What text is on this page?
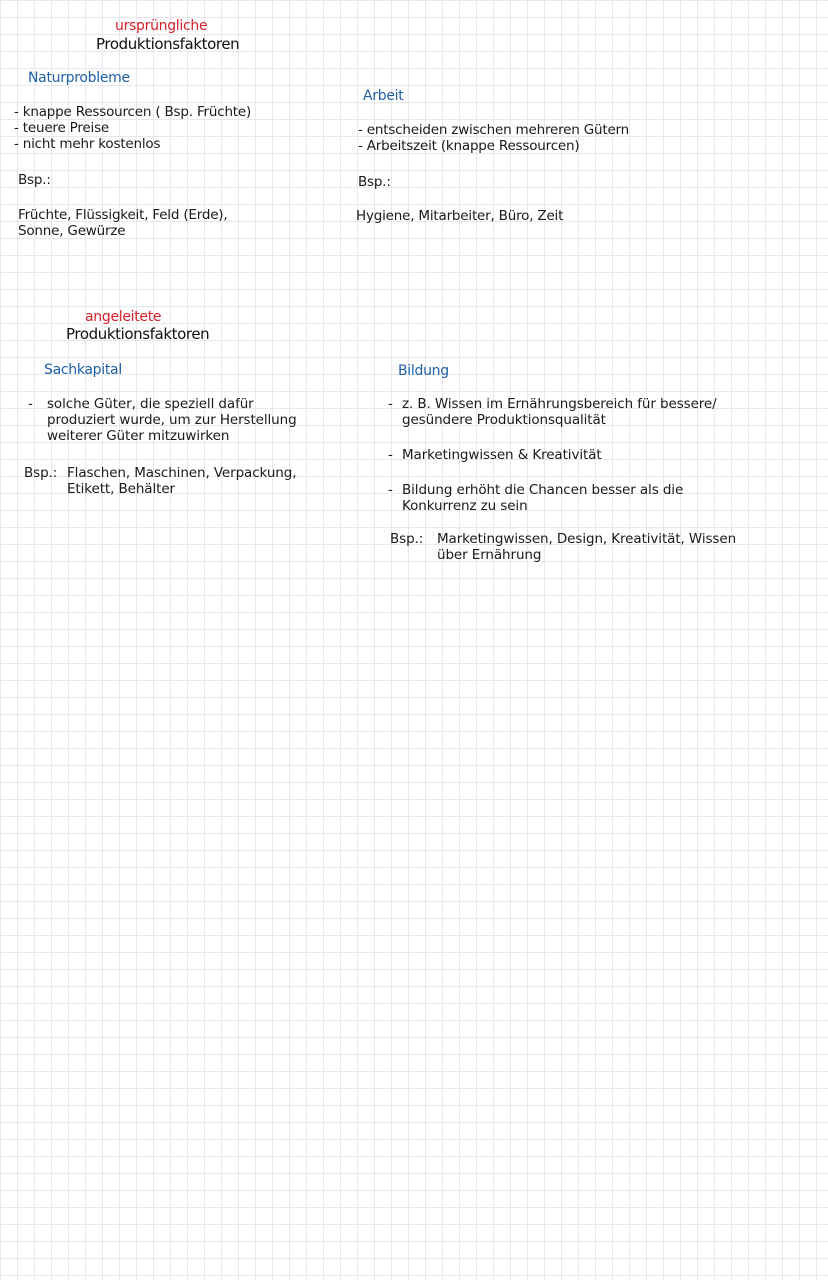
ursprüngliche
Produktionsfaktoren
Naturprobleme
- knappe Ressourcen ( Bsp. Früchte)
- teuere Preise
- nicht mehr kostenlos
Bsp.:
Früchte, Flüssigkeit, Feld (Erde),
Sonne, Gewürze
Arbeit
- entscheiden zwischen mehreren Gütern
- Arbeitszeit (knappe Ressourcen)
Bsp.:
Hygiene, Mitarbeiter, Büro, Zeit
angeleitete
Produktionsfaktoren
Sachkapital
- solche Güter, die speziell dafür
produziert wurde, um zur Herstellung
weiterer Güter mitzuwirken
Bsp.: Flaschen, Maschinen, Verpackung,
Etikett, Behälter
Bildung
- z. B. Wissen im Ernährungsbereich für bessere/
gesündere Produktionsqualität
- Marketingwissen & Kreativität
- Bildung erhöht die Chancen besser als die
Konkurrenz zu sein
Bsp.: Marketingwissen, Design, Kreativität, Wissen
über Ernährung
